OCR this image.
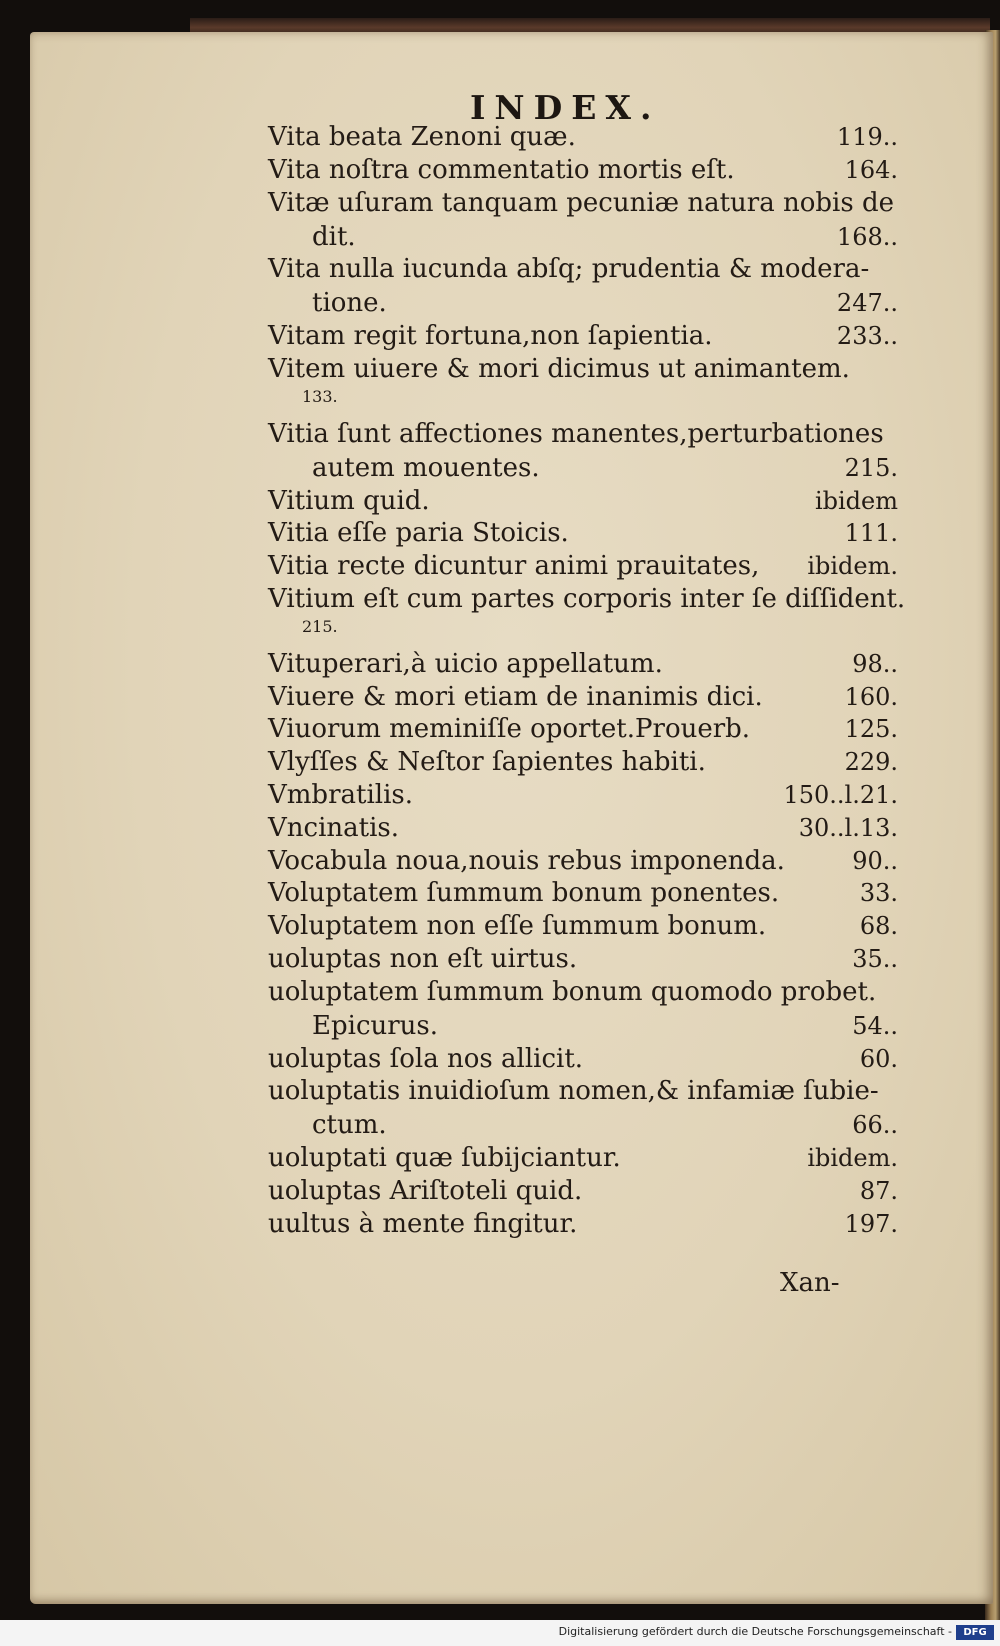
INDEX.
Vita beata Zenoni quæ.	119..
Vita noſtra commentatio mortis eſt.	164.
Vitæ uſuram tanquam pecuniæ natura nobis de
dit.	168..
Vita nulla iucunda abſq; prudentia & modera-
tione.	247..
Vitam regit fortuna,non ſapientia.	233..
Vitem uiuere & mori dicimus ut animantem.
133.
Vitia ſunt affectiones manentes,perturbationes
autem mouentes.	215.
Vitium quid.	ibidem
Vitia eſſe paria Stoicis.	111.
Vitia recte dicuntur animi prauitates,	ibidem.
Vitium eſt cum partes corporis inter ſe diſſident.
215.
Vituperari,à uicio appellatum.	98..
Viuere & mori etiam de inanimis dici.	160.
Viuorum meminiſſe oportet.Prouerb.	125.
Vlyſſes & Neſtor ſapientes habiti.	229.
Vmbratilis.	150..l.21.
Vncinatis.	30..l.13.
Vocabula noua,nouis rebus imponenda.	90..
Voluptatem ſummum bonum ponentes.	33.
Voluptatem non eſſe ſummum bonum.	68.
uoluptas non eſt uirtus.	35..
uoluptatem ſummum bonum quomodo probet.
Epicurus.	54..
uoluptas ſola nos allicit.	60.
uoluptatis inuidioſum nomen,& infamiæ ſubie-
ctum.	66..
uoluptati quæ ſubijciantur.	ibidem.
uoluptas Ariſtoteli quid.	87.
uultus à mente fingitur.	197.
Xan-
Digitalisierung gefördert durch die Deutsche Forschungsgemeinschaft -	DFG
